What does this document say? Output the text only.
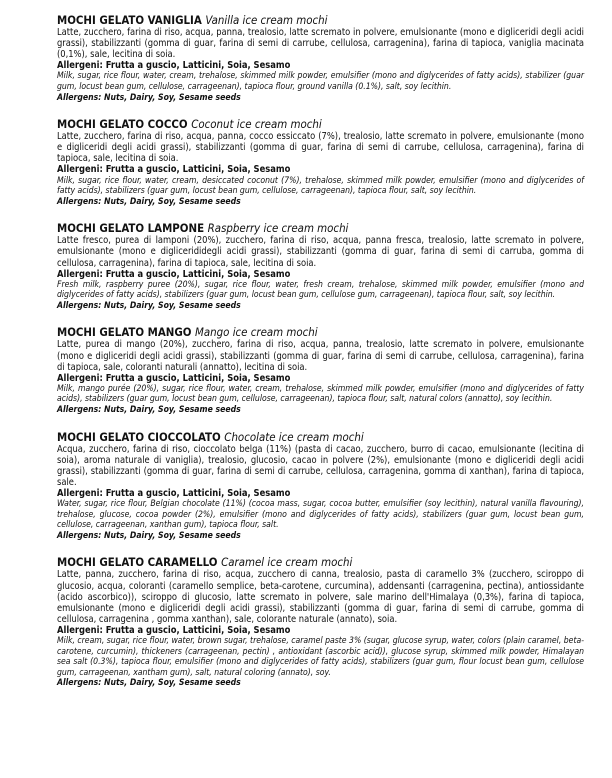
MOCHI GELATO VANIGLIA Vanilla ice cream mochi

Latte, zucchero, farina di riso, acqua, panna, trealosio, latte scremato in polvere, emulsionante (mono e digliceridi degli acidi grassi), stabilizzanti (gomma di guar, farina di semi di carrube, cellulosa, carragenina), farina di tapioca, vaniglia macinata (0,1%), sale, lecitina di soia.

Allergeni: Frutta a guscio, Latticini, Soia, Sesamo

Milk, sugar, rice flour, water, cream, trehalose, skimmed milk powder, emulsifier (mono and diglycerides of fatty acids), stabilizer (guar gum, locust bean gum, cellulose, carrageenan), tapioca flour, ground vanilla (0.1%), salt, soy lecithin.

Allergens: Nuts, Dairy, Soy, Sesame seeds

MOCHI GELATO COCCO Coconut ice cream mochi

Latte, zucchero, farina di riso, acqua, panna, cocco essiccato (7%), trealosio, latte scremato in polvere, emulsionante (mono e digliceridi degli acidi grassi), stabilizzanti (gomma di guar, farina di semi di carrube, cellulosa, carragenina), farina di tapioca, sale, lecitina di soia.

Allergeni: Frutta a guscio, Latticini, Soia, Sesamo

Milk, sugar, rice flour, water, cream, desiccated coconut (7%), trehalose, skimmed milk powder, emulsifier (mono and diglycerides of fatty acids), stabilizers (guar gum, locust bean gum, cellulose, carrageenan), tapioca flour, salt, soy lecithin.

Allergens: Nuts, Dairy, Soy, Sesame seeds

MOCHI GELATO LAMPONE Raspberry ice cream mochi

Latte fresco, purea di lamponi (20%), zucchero, farina di riso, acqua, panna fresca, trealosio, latte scremato in polvere, emulsionante (mono e diglicerididegli acidi grassi), stabilizzanti (gomma di guar, farina di semi di carruba, gomma di cellulosa, carragenina), farina di tapioca, sale, lecitina di soia.

Allergeni: Frutta a guscio, Latticini, Soia, Sesamo

Fresh milk, raspberry puree (20%), sugar, rice flour, water, fresh cream, trehalose, skimmed milk powder, emulsifier (mono and diglycerides of fatty acids), stabilizers (guar gum, locust bean gum, cellulose gum, carrageenan), tapioca flour, salt, soy lecithin.

Allergens: Nuts, Dairy, Soy, Sesame seeds

MOCHI GELATO MANGO Mango ice cream mochi

Latte, purea di mango (20%), zucchero, farina di riso, acqua, panna, trealosio, latte scremato in polvere, emulsionante (mono e digliceridi degli acidi grassi), stabilizzanti (gomma di guar, farina di semi di carrube, cellulosa, carragenina), farina di tapioca, sale, coloranti naturali (annatto), lecitina di soia.

Allergeni: Frutta a guscio, Latticini, Soia, Sesamo

Milk, mango purée (20%), sugar, rice flour, water, cream, trehalose, skimmed milk powder, emulsifier (mono and diglycerides of fatty acids), stabilizers (guar gum, locust bean gum, cellulose, carrageenan), tapioca flour, salt, natural colors (annatto), soy lecithin.

Allergens: Nuts, Dairy, Soy, Sesame seeds

MOCHI GELATO CIOCCOLATO Chocolate ice cream mochi

Acqua, zucchero, farina di riso, cioccolato belga (11%) (pasta di cacao, zucchero, burro di cacao, emulsionante (lecitina di soia), aroma naturale di vaniglia), trealosio, glucosio, cacao in polvere (2%), emulsionante (mono e digliceridi degli acidi grassi), stabilizzanti (gomma di guar, farina di semi di carrube, cellulosa, carragenina, gomma di xanthan), farina di tapioca, sale.

Allergeni: Frutta a guscio, Latticini, Soia, Sesamo

Water, sugar, rice flour, Belgian chocolate (11%) (cocoa mass, sugar, cocoa butter, emulsifier (soy lecithin), natural vanilla flavouring), trehalose, glucose, cocoa powder (2%), emulsifier (mono and diglycerides of fatty acids), stabilizers (guar gum, locust bean gum, cellulose, carrageenan, xanthan gum), tapioca flour, salt.

Allergens: Nuts, Dairy, Soy, Sesame seeds

MOCHI GELATO CARAMELLO Caramel ice cream mochi

Latte, panna, zucchero, farina di riso, acqua, zucchero di canna, trealosio, pasta di caramello 3% (zucchero, sciroppo di glucosio, acqua, coloranti (caramello semplice, beta-carotene, curcumina), addensanti (carragenina, pectina), antiossidante (acido ascorbico)), sciroppo di glucosio, latte scremato in polvere, sale marino dell'Himalaya (0,3%), farina di tapioca, emulsionante (mono e digliceridi degli acidi grassi), stabilizzanti (gomma di guar, farina di semi di carrube, gomma di cellulosa, carragenina , gomma xanthan), sale, colorante naturale (annato), soia.

Allergeni: Frutta a guscio, Latticini, Soia, Sesamo

Milk, cream, sugar, rice flour, water, brown sugar, trehalose, caramel paste 3% (sugar, glucose syrup, water, colors (plain caramel, beta-carotene, curcumin), thickeners (carrageenan, pectin) , antioxidant (ascorbic acid)), glucose syrup, skimmed milk powder, Himalayan sea salt (0.3%), tapioca flour, emulsifier (mono and diglycerides of fatty acids), stabilizers (guar gum, flour locust bean gum, cellulose gum, carrageenan, xantham gum), salt, natural coloring (annato), soy.

Allergens: Nuts, Dairy, Soy, Sesame seeds
